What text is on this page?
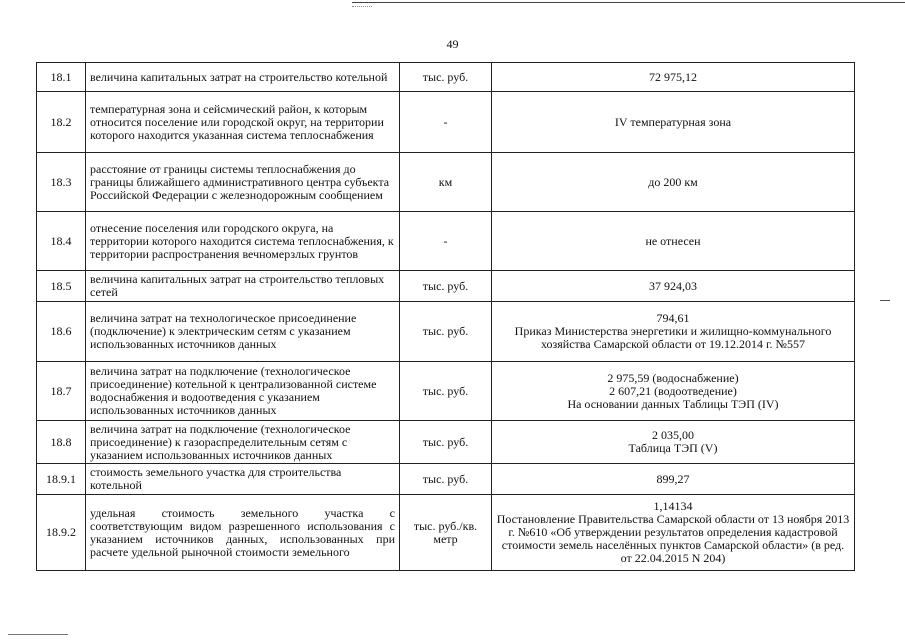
49
18.1	величина капитальных затрат на строительство котельной	тыс. руб.	72 975,12

18.2	температурная зона и сейсмический район, к которым относится поселение или городской округ, на территории которого находится указанная система теплоснабжения	-	IV температурная зона

18.3	расстояние от границы системы теплоснабжения до границы ближайшего административного центра субъекта Российской Федерации с железнодорожным сообщением	км	до 200 км

18.4	отнесение поселения или городского округа, на территории которого находится система теплоснабжения, к территории распространения вечномерзлых грунтов	-	не отнесен

18.5	величина капитальных затрат на строительство тепловых сетей	тыс. руб.	37 924,03

18.6	величина затрат на технологическое присоединение (подключение) к электрическим сетям с указанием использованных источников данных	тыс. руб.	794,61
Приказ Министерства энергетики и жилищно-коммунального хозяйства Самарской области от 19.12.2014 г. №557

18.7	величина затрат на подключение (технологическое присоединение) котельной к централизованной системе водоснабжения и водоотведения с указанием использованных источников данных	тыс. руб.	2 975,59 (водоснабжение)
2 607,21 (водоотведение)
На основании данных Таблицы ТЭП (IV)

18.8	величина затрат на подключение (технологическое присоединение) к газораспределительным сетям с указанием использованных источников данных	тыс. руб.	2 035,00
Таблица ТЭП (V)

18.9.1	стоимость земельного участка для строительства котельной	тыс. руб.	899,27

18.9.2	удельная стоимость земельного участка с соответствующим видом разрешенного использования с указанием источников данных, использованных при расчете удельной рыночной стоимости земельного	тыс. руб./кв. метр	1,14134
Постановление Правительства Самарской области от 13 ноября 2013 г. №610 «Об утверждении результатов определения кадастровой стоимости земель населённых пунктов Самарской области» (в ред. от 22.04.2015 N 204)
